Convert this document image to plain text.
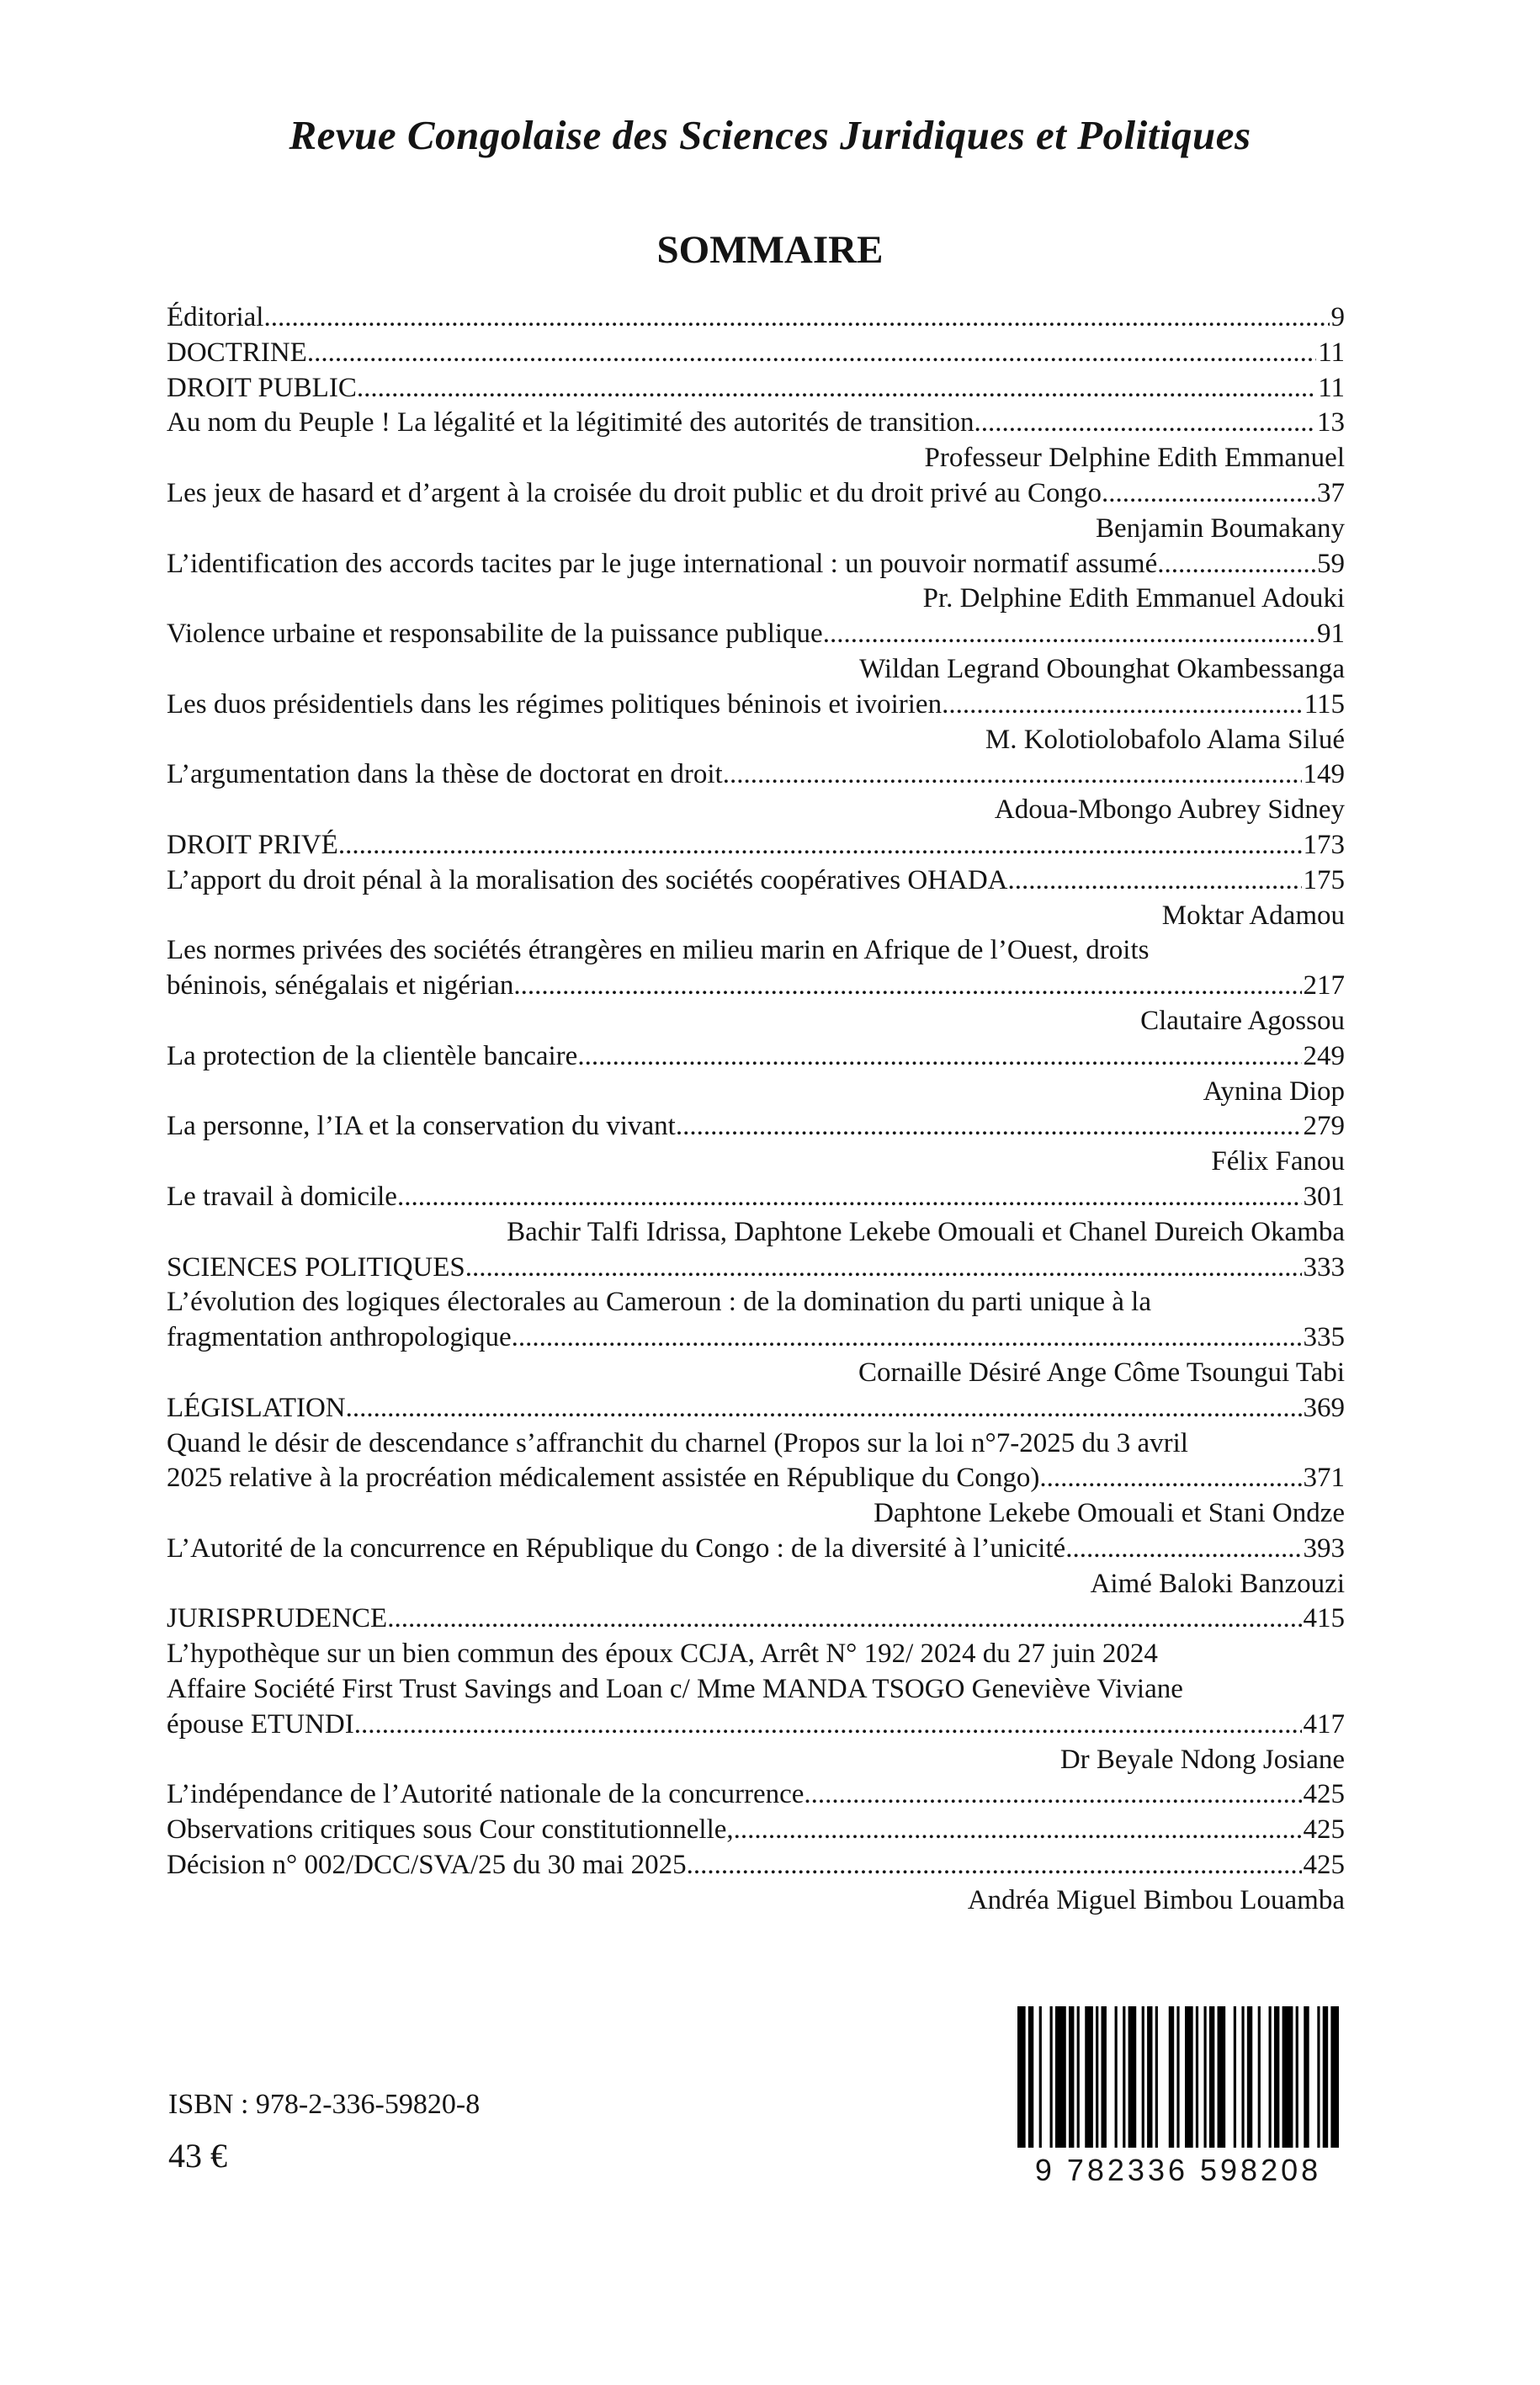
Revue Congolaise des Sciences Juridiques et Politiques
SOMMAIRE
Éditorial .....	9
DOCTRINE .....	11
DROIT PUBLIC .....	11
Au nom du Peuple ! La légalité et la légitimité des autorités de transition .....	13
Professeur Delphine Edith Emmanuel
Les jeux de hasard et d’argent à la croisée du droit public et du droit privé au Congo .....	37
Benjamin Boumakany
L’identification des accords tacites par le juge international : un pouvoir normatif assumé .....	59
Pr. Delphine Edith Emmanuel Adouki
Violence urbaine et responsabilite de la puissance publique .....	91
Wildan Legrand Obounghat Okambessanga
Les duos présidentiels dans les régimes politiques béninois et ivoirien .....	115
M. Kolotiolobafolo Alama Silué
L’argumentation dans la thèse de doctorat en droit .....	149
Adoua-Mbongo Aubrey Sidney
DROIT PRIVÉ .....	173
L’apport du droit pénal à la moralisation des sociétés coopératives OHADA .....	175
Moktar Adamou
Les normes privées des sociétés étrangères en milieu marin en Afrique de l’Ouest, droits
béninois, sénégalais et nigérian .....	217
Clautaire Agossou
La protection de la clientèle bancaire .....	249
Aynina Diop
La personne, l’IA et la conservation du vivant .....	279
Félix Fanou
Le travail à domicile .....	301
Bachir Talfi Idrissa, Daphtone Lekebe Omouali et Chanel Dureich Okamba
SCIENCES POLITIQUES .....	333
L’évolution des logiques électorales au Cameroun : de la domination du parti unique à la
fragmentation anthropologique .....	335
Cornaille Désiré Ange Côme Tsoungui Tabi
LÉGISLATION .....	369
Quand le désir de descendance s’affranchit du charnel (Propos sur la loi n°7-2025 du 3 avril
2025 relative à la procréation médicalement assistée en République du Congo) .....	371
Daphtone Lekebe Omouali et Stani Ondze
L’Autorité de la concurrence en République du Congo : de la diversité à l’unicité .....	393
Aimé Baloki Banzouzi
JURISPRUDENCE .....	415
L’hypothèque sur un bien commun des époux CCJA, Arrêt N° 192/ 2024 du 27 juin 2024
Affaire Société First Trust Savings and Loan c/ Mme MANDA TSOGO Geneviève Viviane
épouse ETUNDI .....	417
Dr Beyale Ndong Josiane
L’indépendance de l’Autorité nationale de la concurrence .....	425
Observations critiques sous Cour constitutionnelle, .....	425
Décision n° 002/DCC/SVA/25 du 30 mai 2025 .....	425
Andréa Miguel Bimbou Louamba
ISBN : 978-2-336-59820-8
43 €	9 782336 598208
